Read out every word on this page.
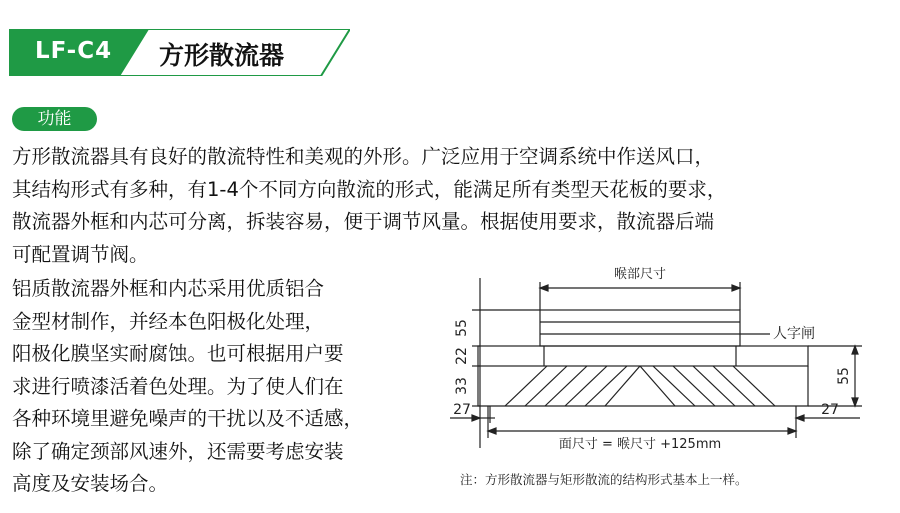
LF-C4 方形散流器
功能

方形散流器具有良好的散流特性和美观的外形。广泛应用于空调系统中作送风口，
其结构形式有多种，有1-4个不同方向散流的形式，能满足所有类型天花板的要求，
散流器外框和内芯可分离，拆装容易，便于调节风量。根据使用要求，散流器后端
可配置调节阀。

铝质散流器外框和内芯采用优质铝合
金型材制作，并经本色阳极化处理，
阳极化膜坚实耐腐蚀。也可根据用户要
求进行喷漆活着色处理。为了使人们在
各种环境里避免噪声的干扰以及不适感，
除了确定颈部风速外，还需要考虑安装
高度及安装场合。

喉部尺寸
人字闸
55
22
33
55
27	27
面尺寸 = 喉尺寸 +125mm
注：方形散流器与矩形散流的结构形式基本上一样。
